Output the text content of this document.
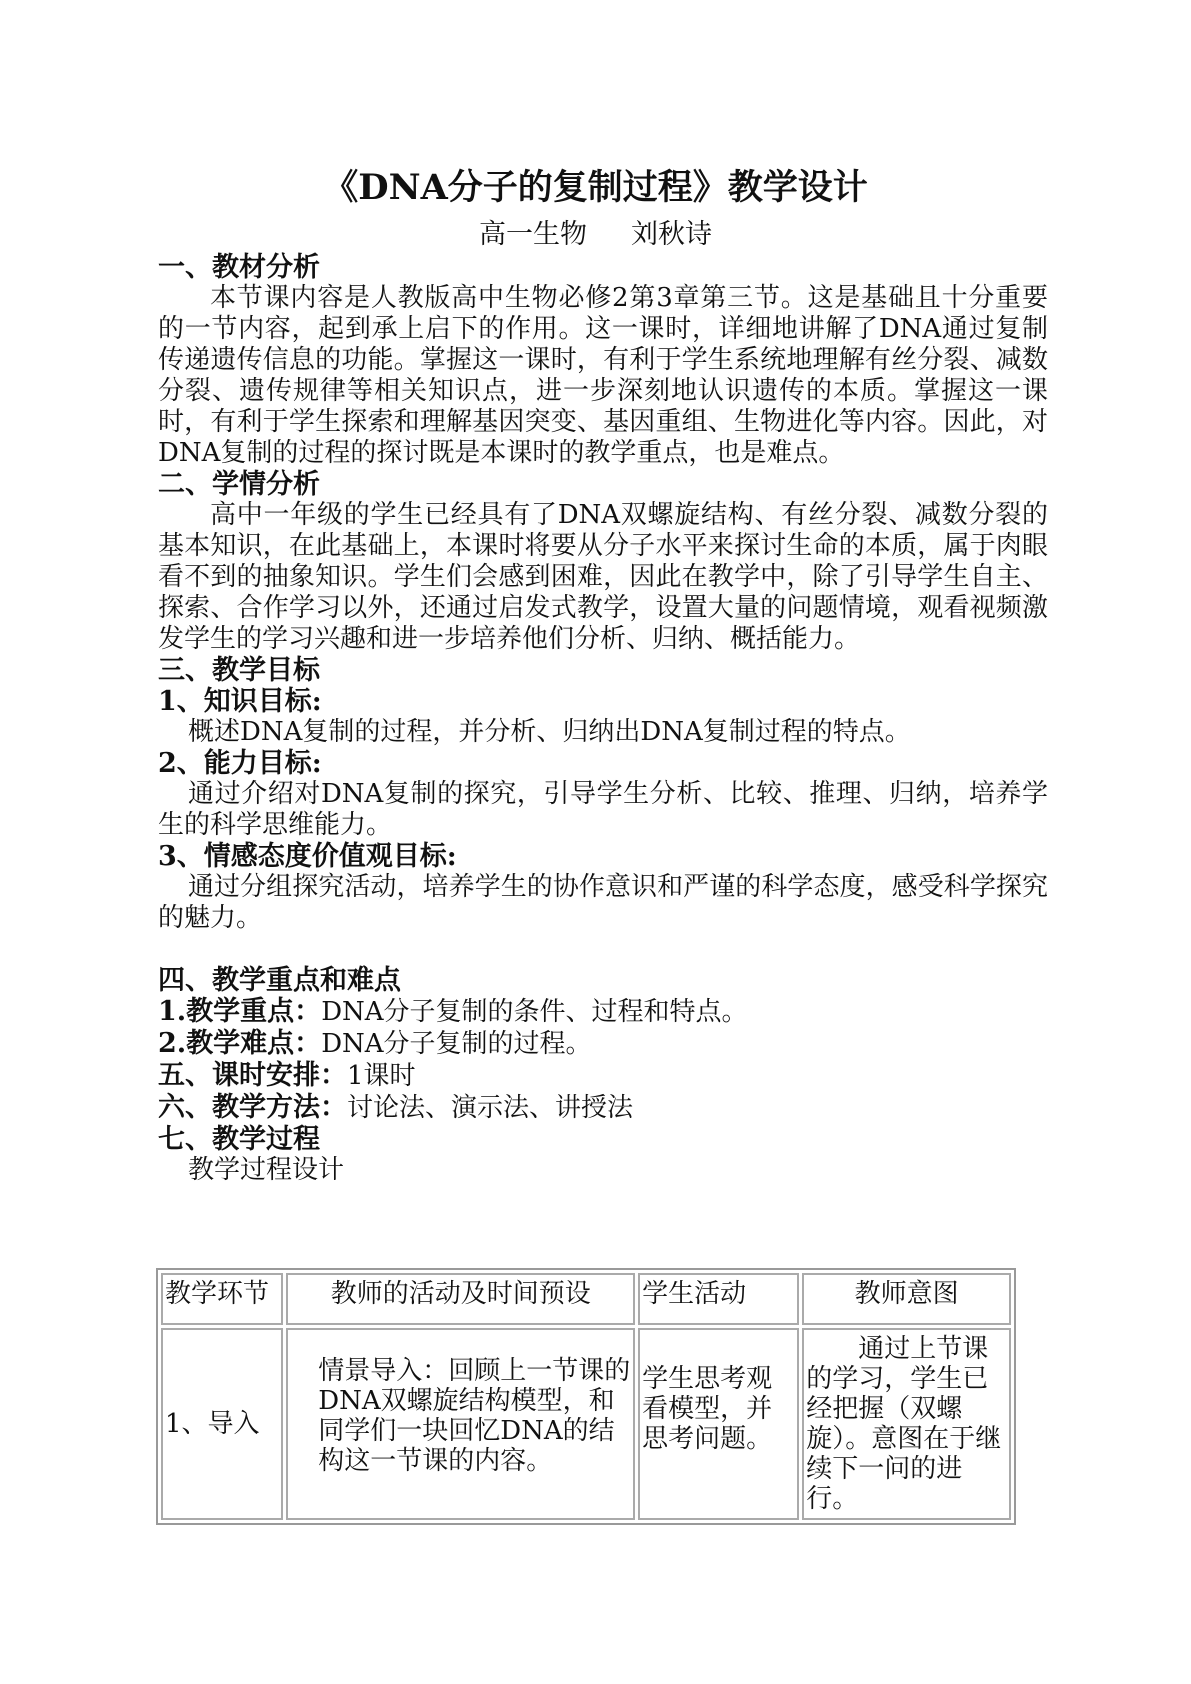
《DNA分子的复制过程》教学设计
高一生物 刘秋诗
一、教材分析
本节课内容是人教版高中生物必修2第3章第三节。这是基础且十分重要的一节内容，起到承上启下的作用。这一课时，详细地讲解了DNA通过复制传递遗传信息的功能。掌握这一课时，有利于学生系统地理解有丝分裂、减数分裂、遗传规律等相关知识点，进一步深刻地认识遗传的本质。掌握这一课时，有利于学生探索和理解基因突变、基因重组、生物进化等内容。因此，对DNA复制的过程的探讨既是本课时的教学重点，也是难点。
二、学情分析
高中一年级的学生已经具有了DNA双螺旋结构、有丝分裂、减数分裂的基本知识，在此基础上，本课时将要从分子水平来探讨生命的本质，属于肉眼看不到的抽象知识。学生们会感到困难，因此在教学中，除了引导学生自主、探索、合作学习以外，还通过启发式教学，设置大量的问题情境，观看视频激发学生的学习兴趣和进一步培养他们分析、归纳、概括能力。
三、教学目标
1、知识目标:
概述DNA复制的过程，并分析、归纳出DNA复制过程的特点。
2、能力目标:
通过介绍对DNA复制的探究，引导学生分析、比较、推理、归纳，培养学生的科学思维能力。
3、情感态度价值观目标:
通过分组探究活动，培养学生的协作意识和严谨的科学态度，感受科学探究的魅力。
四、教学重点和难点
1.教学重点：DNA分子复制的条件、过程和特点。
2.教学难点：DNA分子复制的过程。
五、课时安排：1课时
六、教学方法：讨论法、演示法、讲授法
七、教学过程
教学过程设计
教学环节	教师的活动及时间预设	学生活动	教师意图
1、导入	情景导入：回顾上一节课的DNA双螺旋结构模型，和同学们一块回忆DNA的结构这一节课的内容。	学生思考观看模型，并思考问题。	通过上节课的学习，学生已经把握（双螺旋）。意图在于继续下一问的进行。
